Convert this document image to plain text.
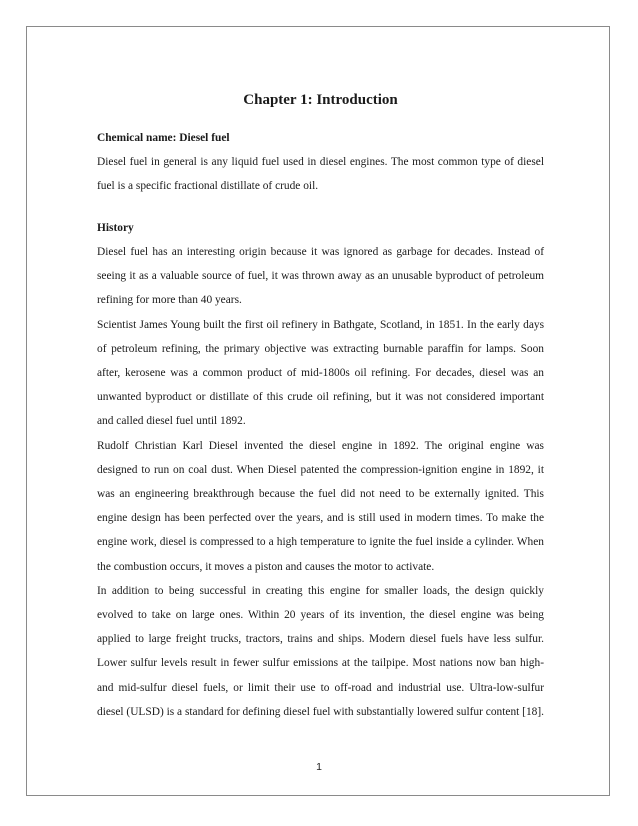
Chapter 1: Introduction

Chemical name: Diesel fuel

Diesel fuel in general is any liquid fuel used in diesel engines. The most common type of diesel fuel is a specific fractional distillate of crude oil.

History

Diesel fuel has an interesting origin because it was ignored as garbage for decades. Instead of seeing it as a valuable source of fuel, it was thrown away as an unusable byproduct of petroleum refining for more than 40 years.

Scientist James Young built the first oil refinery in Bathgate, Scotland, in 1851. In the early days of petroleum refining, the primary objective was extracting burnable paraffin for lamps. Soon after, kerosene was a common product of mid-1800s oil refining. For decades, diesel was an unwanted byproduct or distillate of this crude oil refining, but it was not considered important and called diesel fuel until 1892.

Rudolf Christian Karl Diesel invented the diesel engine in 1892. The original engine was designed to run on coal dust. When Diesel patented the compression-ignition engine in 1892, it was an engineering breakthrough because the fuel did not need to be externally ignited. This engine design has been perfected over the years, and is still used in modern times. To make the engine work, diesel is compressed to a high temperature to ignite the fuel inside a cylinder. When the combustion occurs, it moves a piston and causes the motor to activate.

In addition to being successful in creating this engine for smaller loads, the design quickly evolved to take on large ones. Within 20 years of its invention, the diesel engine was being applied to large freight trucks, tractors, trains and ships. Modern diesel fuels have less sulfur. Lower sulfur levels result in fewer sulfur emissions at the tailpipe. Most nations now ban high- and mid-sulfur diesel fuels, or limit their use to off-road and industrial use. Ultra-low-sulfur diesel (ULSD) is a standard for defining diesel fuel with substantially lowered sulfur content [18].

1
